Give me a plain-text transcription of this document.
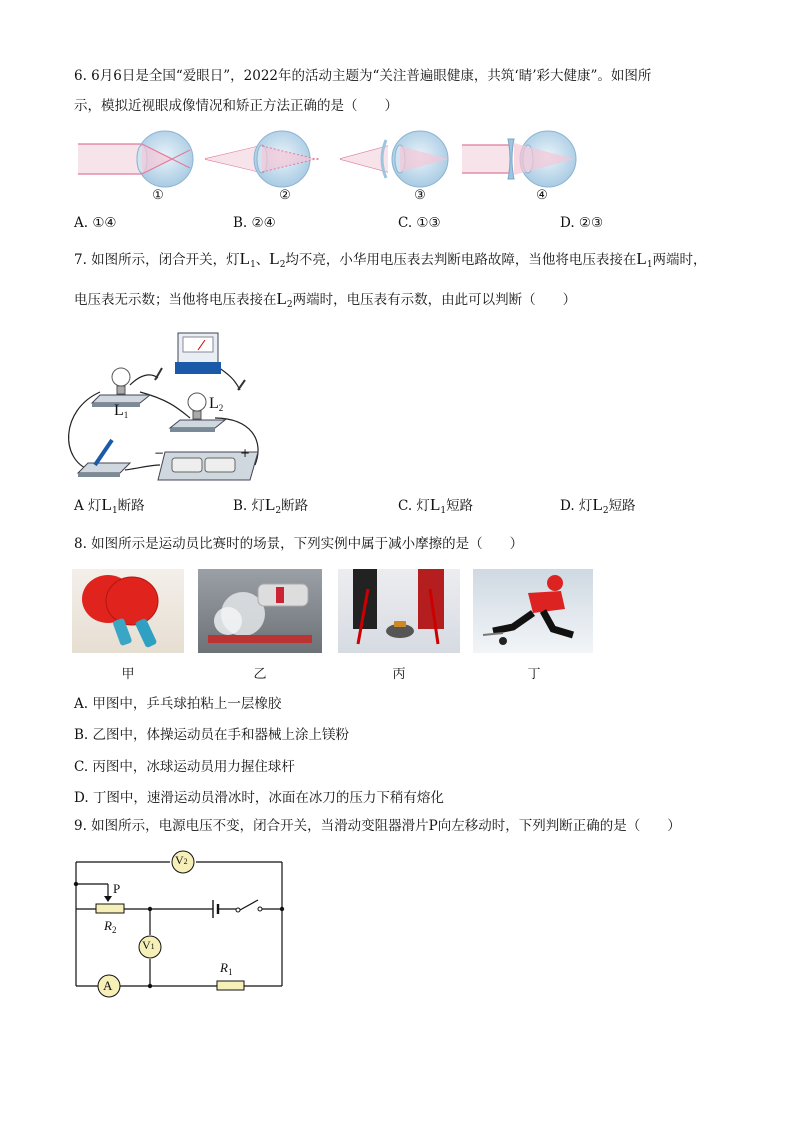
6. 6月6日是全国“爱眼日”，2022年的活动主题为“关注普遍眼健康，共筑‘睛’彩大健康”。如图所
示，模拟近视眼成像情况和矫正方法正确的是（　　）
①	②	③	④
A. ①④	B. ②④	C. ①③	D. ②③
7. 如图所示，闭合开关，灯$L_1$、$L_2$均不亮，小华用电压表去判断电路故障，当他将电压表接在$L_1$两端时，
电压表无示数；当他将电压表接在$L_2$两端时，电压表有示数，由此可以判断（　　）
$L_1$
$L_2$
−	+
A 灯$L_1$断路	B. 灯$L_2$断路	C. 灯$L_1$短路	D. 灯$L_2$短路
8. 如图所示是运动员比赛时的场景，下列实例中属于减小摩擦的是（　　）
甲	乙	丙	丁
A. 甲图中，乒乓球拍粘上一层橡胶
B. 乙图中，体操运动员在手和器械上涂上镁粉
C. 丙图中，冰球运动员用力握住球杆
D. 丁图中，速滑运动员滑冰时，冰面在冰刀的压力下稍有熔化
9. 如图所示，电源电压不变，闭合开关，当滑动变阻器滑片P向左移动时，下列判断正确的是（　　）
V2
V1
A
P
$R_2$
$R_1$
